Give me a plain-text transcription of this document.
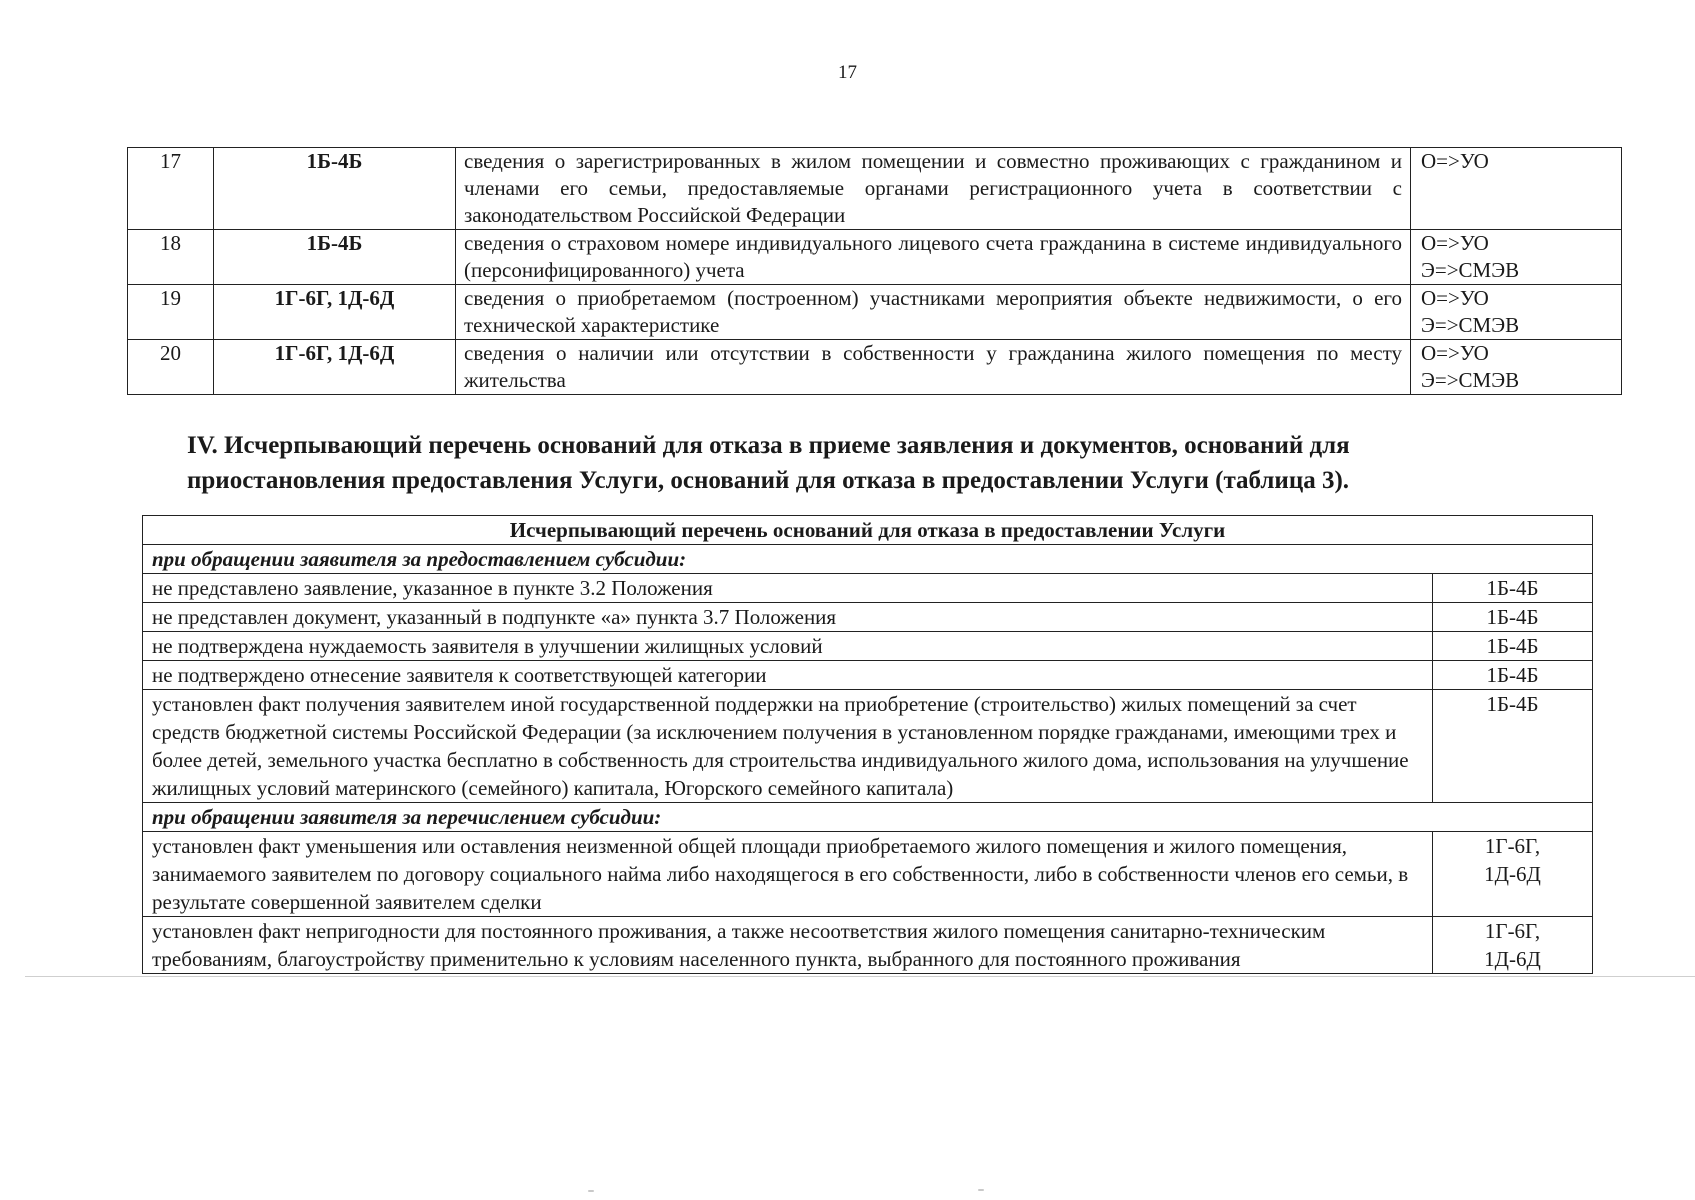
17
17	1Б-4Б	сведения о зарегистрированных в жилом помещении и совместно проживающих с гражданином и членами его семьи, предоставляемые органами регистрационного учета в соответствии с законодательством Российской Федерации	О=>УО
18	1Б-4Б	сведения о страховом номере индивидуального лицевого счета гражданина в системе индивидуального (персонифицированного) учета	О=>УО
Э=>СМЭВ
19	1Г-6Г, 1Д-6Д	сведения о приобретаемом (построенном) участниками мероприятия объекте недвижимости, о его технической характеристике	О=>УО
Э=>СМЭВ
20	1Г-6Г, 1Д-6Д	сведения о наличии или отсутствии в собственности у гражданина жилого помещения по месту жительства	О=>УО
Э=>СМЭВ
IV. Исчерпывающий перечень оснований для отказа в приеме заявления и документов, оснований для приостановления предоставления Услуги, оснований для отказа в предоставлении Услуги (таблица 3).
Исчерпывающий перечень оснований для отказа в предоставлении Услуги	
при обращении заявителя за предоставлением субсидии:	
не представлено заявление, указанное в пункте 3.2 Положения	1Б-4Б
не представлен документ, указанный в подпункте «а» пункта 3.7 Положения	1Б-4Б
не подтверждена нуждаемость заявителя в улучшении жилищных условий	1Б-4Б
не подтверждено отнесение заявителя к соответствующей категории	1Б-4Б
установлен факт получения заявителем иной государственной поддержки на приобретение (строительство) жилых помещений за счет средств бюджетной системы Российской Федерации (за исключением получения в установленном порядке гражданами, имеющими трех и более детей, земельного участка бесплатно в собственность для строительства индивидуального жилого дома, использования на улучшение жилищных условий материнского (семейного) капитала, Югорского семейного капитала)	1Б-4Б
при обращении заявителя за перечислением субсидии:	
установлен факт уменьшения или оставления неизменной общей площади приобретаемого жилого помещения и жилого помещения, занимаемого заявителем по договору социального найма либо находящегося в его собственности, либо в собственности членов его семьи, в результате совершенной заявителем сделки	1Г-6Г,
1Д-6Д
установлен факт непригодности для постоянного проживания, а также несоответствия жилого помещения санитарно-техническим требованиям, благоустройству применительно к условиям населенного пункта, выбранного для постоянного проживания	1Г-6Г,
1Д-6Д
